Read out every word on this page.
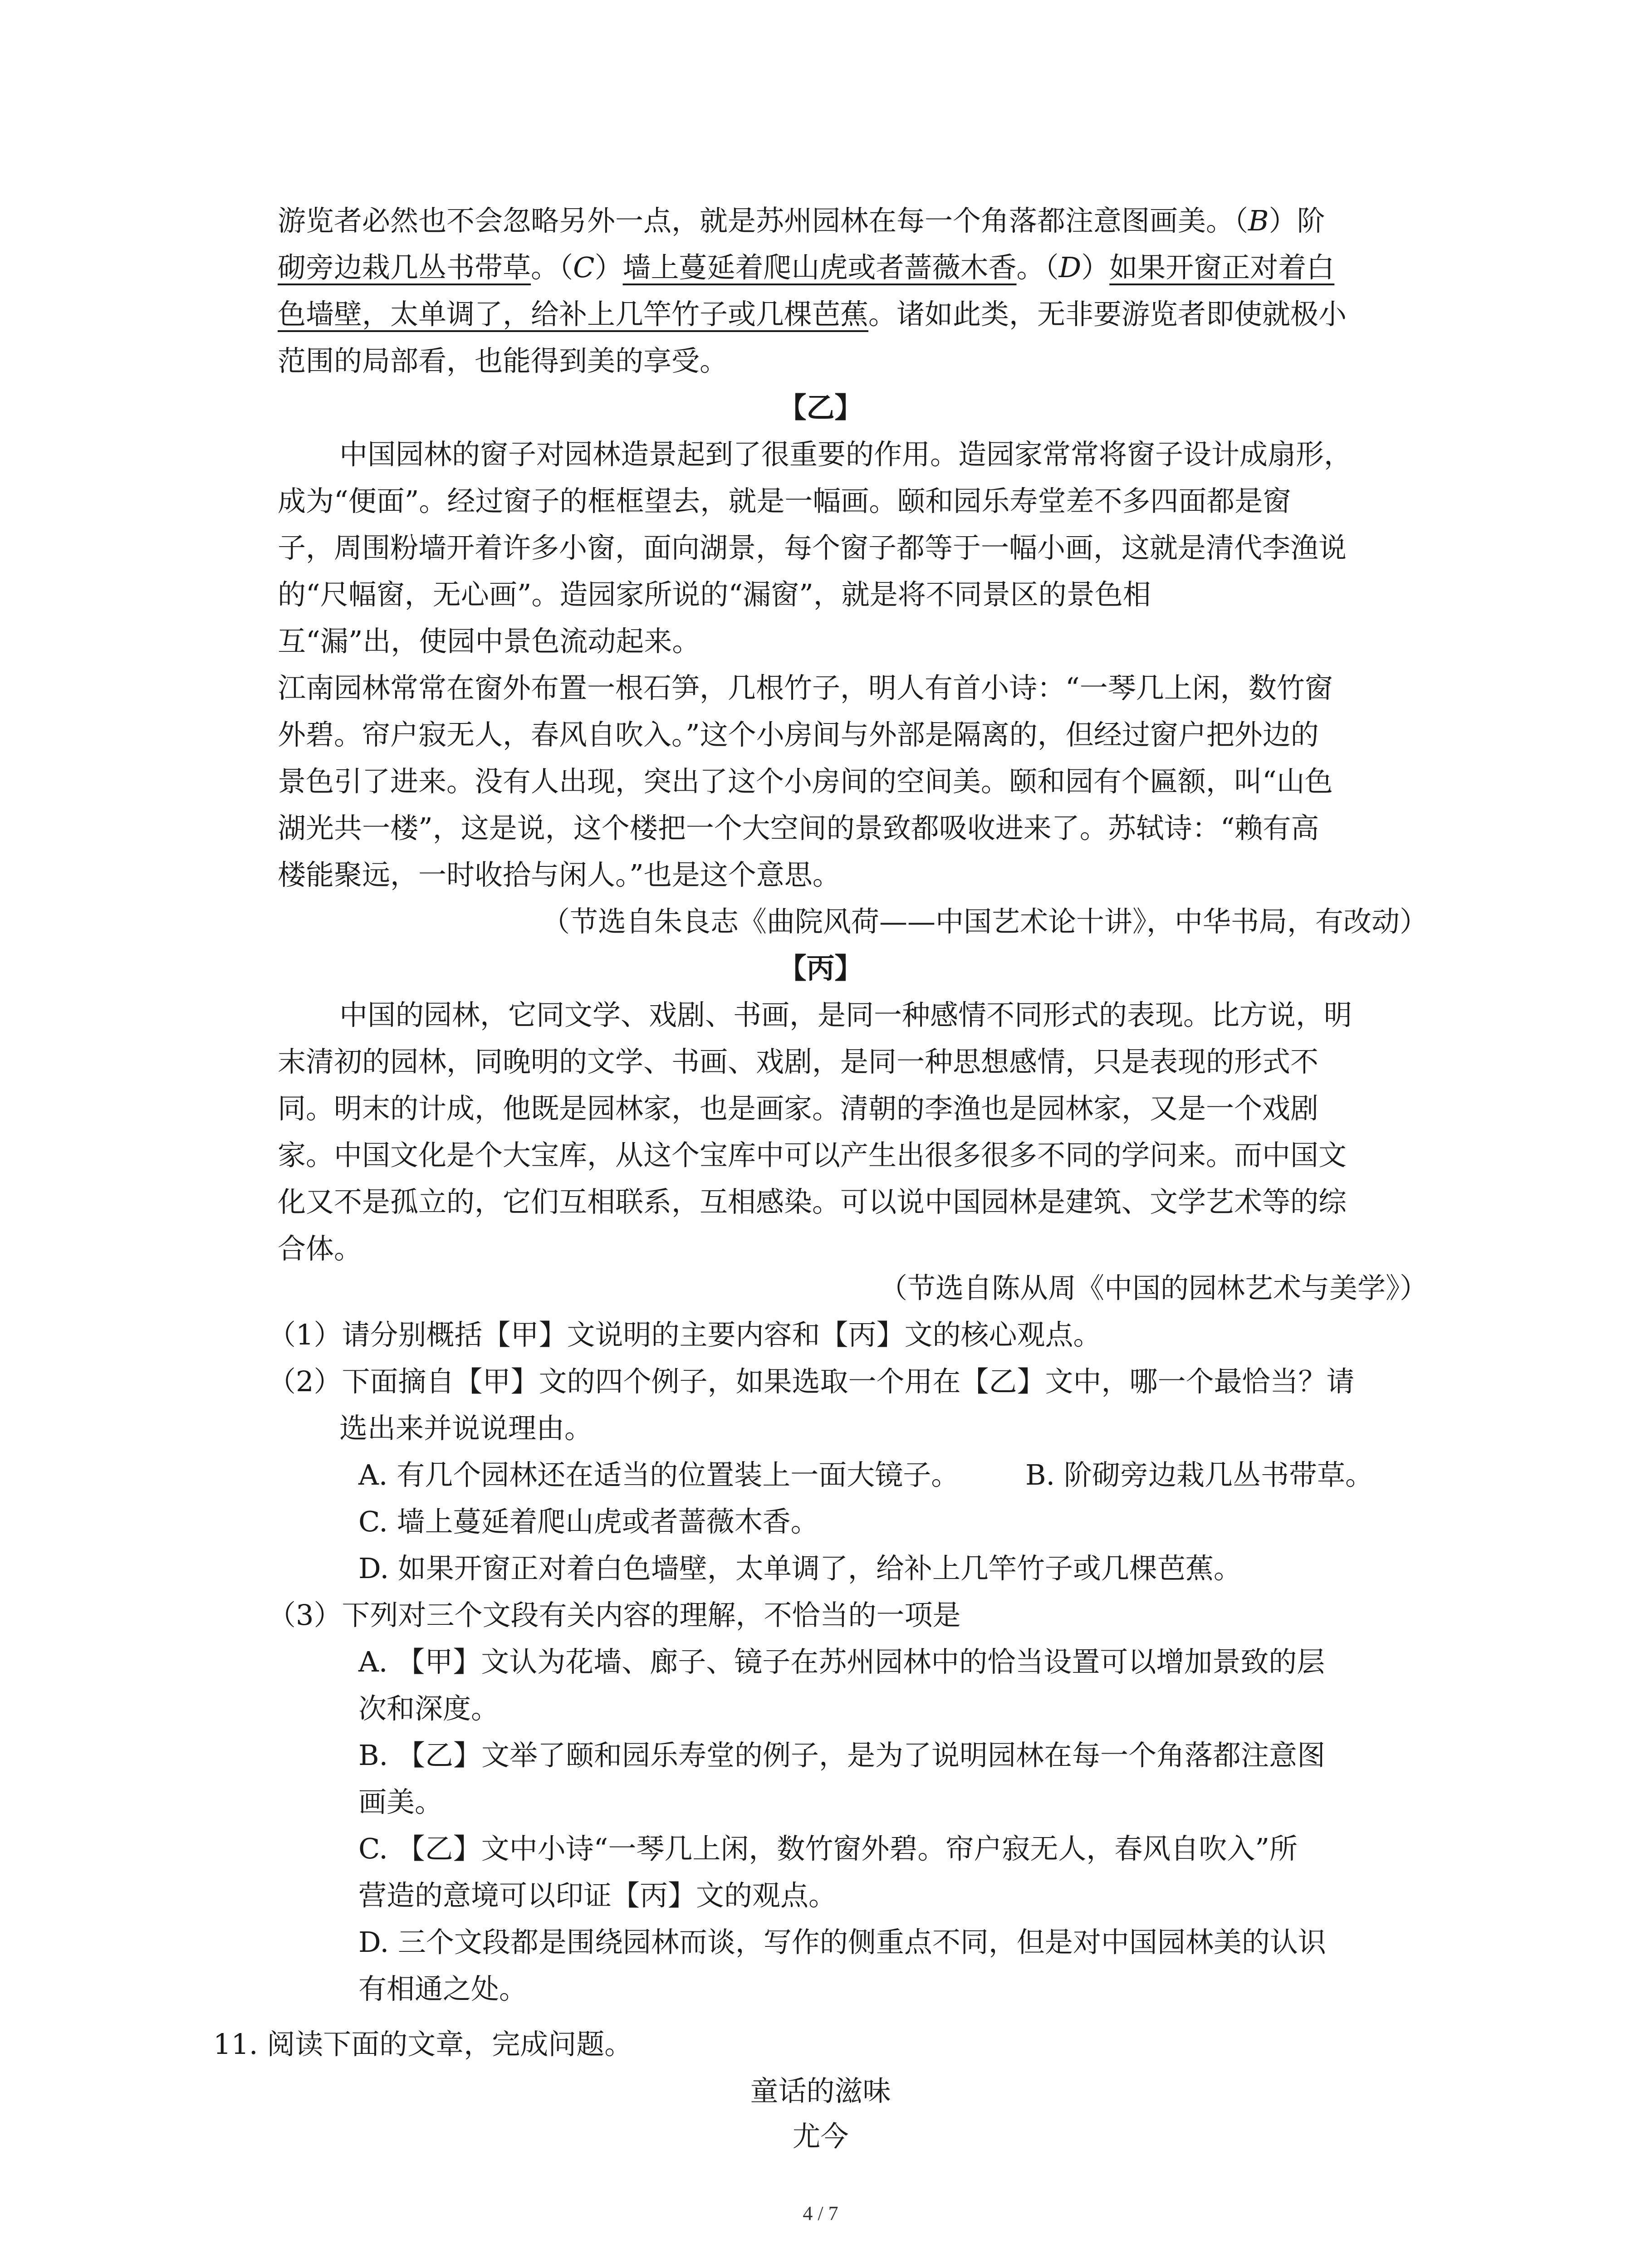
游览者必然也不会忽略另外一点，就是苏州园林在每一个角落都注意图画美。（B）阶
砌旁边栽几丛书带草。（C）墙上蔓延着爬山虎或者蔷薇木香。（D）如果开窗正对着白
色墙壁，太单调了，给补上几竿竹子或几棵芭蕉。诸如此类，无非要游览者即使就极小
范围的局部看，也能得到美的享受。
【乙】
中国园林的窗子对园林造景起到了很重要的作用。造园家常常将窗子设计成扇形，
成为“便面”。经过窗子的框框望去，就是一幅画。颐和园乐寿堂差不多四面都是窗
子，周围粉墙开着许多小窗，面向湖景，每个窗子都等于一幅小画，这就是清代李渔说
的“尺幅窗，无心画”。造园家所说的“漏窗”，就是将不同景区的景色相
互“漏”出，使园中景色流动起来。
江南园林常常在窗外布置一根石笋，几根竹子，明人有首小诗：“一琴几上闲，数竹窗
外碧。帘户寂无人，春风自吹入。”这个小房间与外部是隔离的，但经过窗户把外边的
景色引了进来。没有人出现，突出了这个小房间的空间美。颐和园有个匾额，叫“山色
湖光共一楼”，这是说，这个楼把一个大空间的景致都吸收进来了。苏轼诗：“赖有高
楼能聚远，一时收拾与闲人。”也是这个意思。
（节选自朱良志《曲院风荷——中国艺术论十讲》，中华书局，有改动）
【丙】
中国的园林，它同文学、戏剧、书画，是同一种感情不同形式的表现。比方说，明
末清初的园林，同晚明的文学、书画、戏剧，是同一种思想感情，只是表现的形式不
同。明末的计成，他既是园林家，也是画家。清朝的李渔也是园林家，又是一个戏剧
家。中国文化是个大宝库，从这个宝库中可以产生出很多很多不同的学问来。而中国文
化又不是孤立的，它们互相联系，互相感染。可以说中国园林是建筑、文学艺术等的综
合体。
（节选自陈从周《中国的园林艺术与美学》）
（1）请分别概括【甲】文说明的主要内容和【丙】文的核心观点。
（2）下面摘自【甲】文的四个例子，如果选取一个用在【乙】文中，哪一个最恰当？请
选出来并说说理由。
A. 有几个园林还在适当的位置装上一面大镜子。 B. 阶砌旁边栽几丛书带草。
C. 墙上蔓延着爬山虎或者蔷薇木香。
D. 如果开窗正对着白色墙壁，太单调了，给补上几竿竹子或几棵芭蕉。
（3）下列对三个文段有关内容的理解，不恰当的一项是
A. 【甲】文认为花墙、廊子、镜子在苏州园林中的恰当设置可以增加景致的层
次和深度。
B. 【乙】文举了颐和园乐寿堂的例子，是为了说明园林在每一个角落都注意图
画美。
C. 【乙】文中小诗“一琴几上闲，数竹窗外碧。帘户寂无人，春风自吹入”所
营造的意境可以印证【丙】文的观点。
D. 三个文段都是围绕园林而谈，写作的侧重点不同，但是对中国园林美的认识
有相通之处。
11. 阅读下面的文章，完成问题。
童话的滋味
尤今
4 / 7
